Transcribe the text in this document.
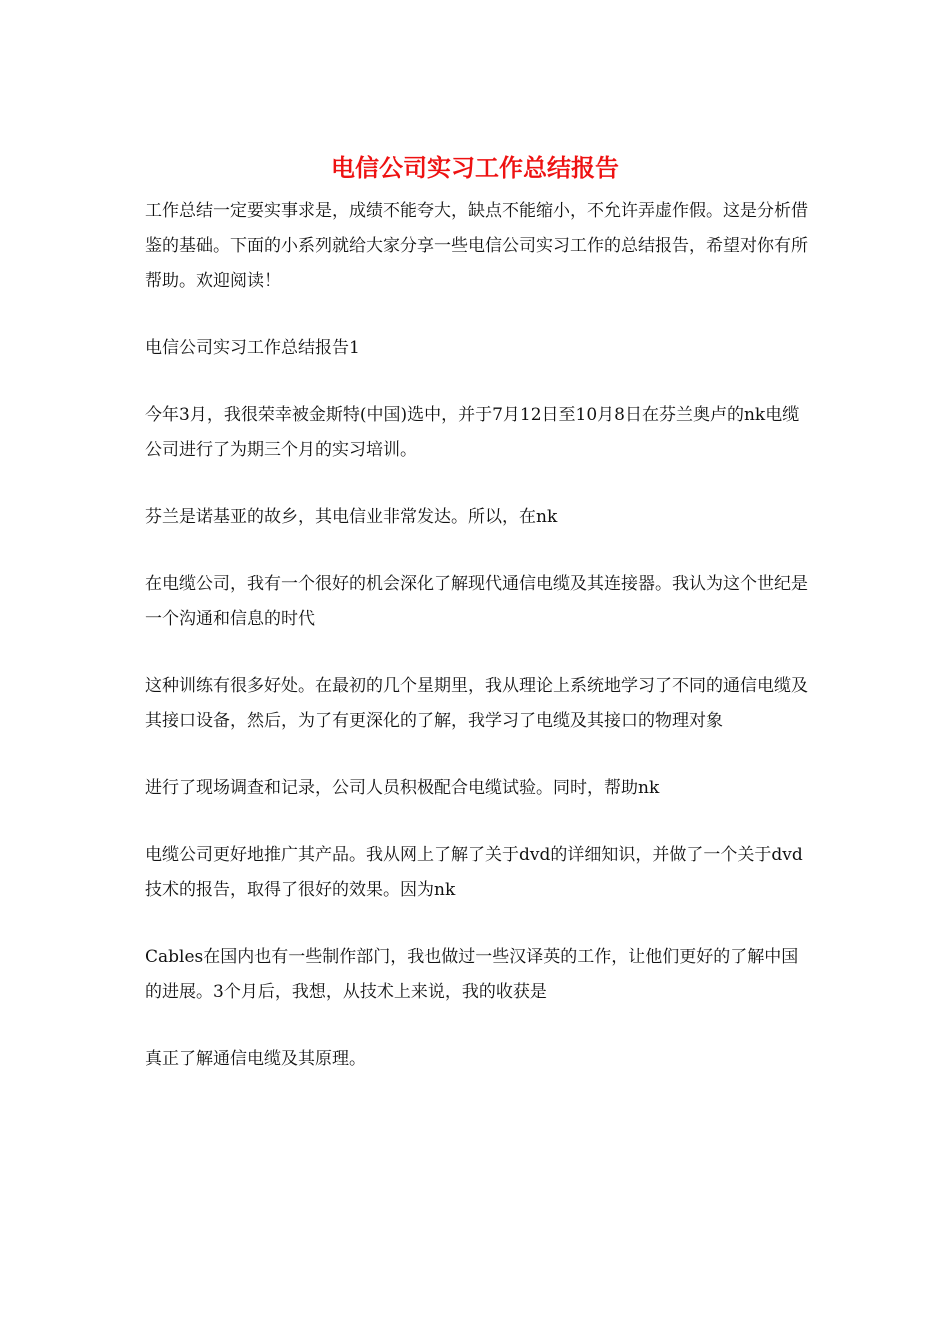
电信公司实习工作总结报告

工作总结一定要实事求是，成绩不能夸大，缺点不能缩小，不允许弄虚作假。这是分析借鉴的基础。下面的小系列就给大家分享一些电信公司实习工作的总结报告，希望对你有所帮助。欢迎阅读！

电信公司实习工作总结报告1

今年3月，我很荣幸被金斯特(中国)选中，并于7月12日至10月8日在芬兰奥卢的nk电缆公司进行了为期三个月的实习培训。

芬兰是诺基亚的故乡，其电信业非常发达。所以，在nk

在电缆公司，我有一个很好的机会深化了解现代通信电缆及其连接器。我认为这个世纪是一个沟通和信息的时代

这种训练有很多好处。在最初的几个星期里，我从理论上系统地学习了不同的通信电缆及其接口设备，然后，为了有更深化的了解，我学习了电缆及其接口的物理对象

进行了现场调查和记录，公司人员积极配合电缆试验。同时，帮助nk

电缆公司更好地推广其产品。我从网上了解了关于dvd的详细知识，并做了一个关于dvd技术的报告，取得了很好的效果。因为nk

Cables在国内也有一些制作部门，我也做过一些汉译英的工作，让他们更好的了解中国的进展。3个月后，我想，从技术上来说，我的收获是

真正了解通信电缆及其原理。
